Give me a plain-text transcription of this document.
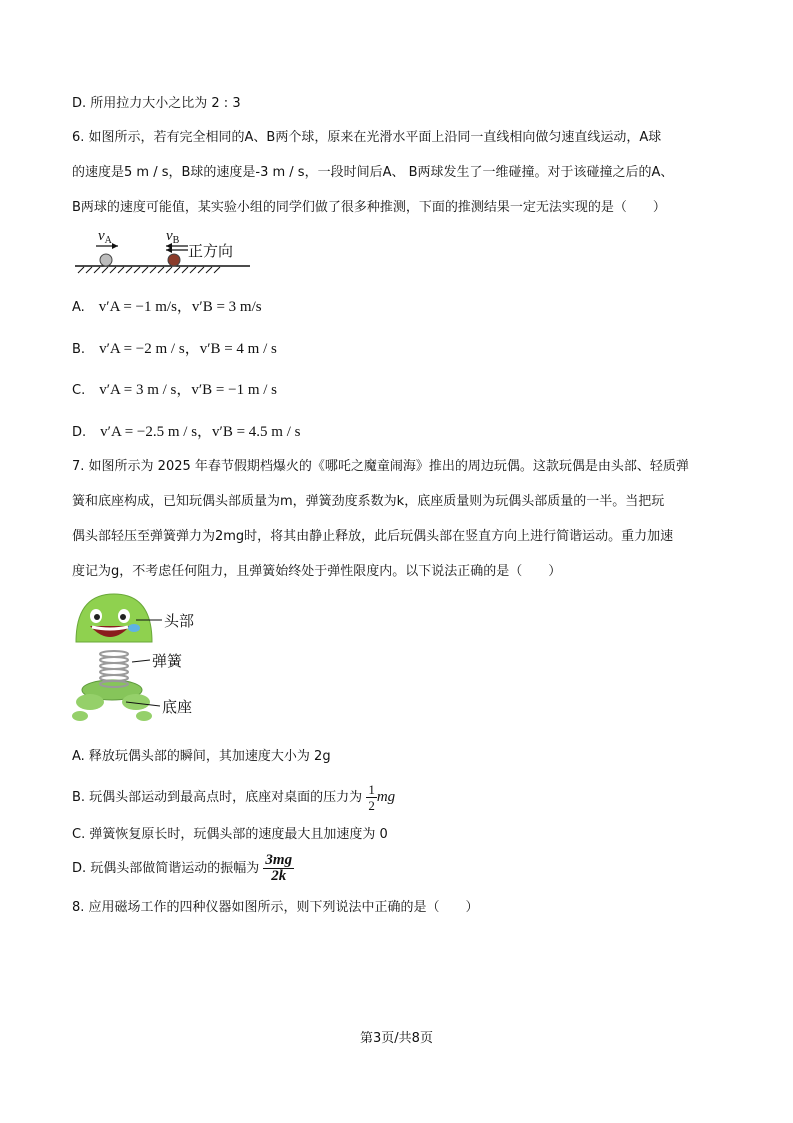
D. 所用拉力大小之比为 2 : 3
6. 如图所示，若有完全相同的A、B两个球，原来在光滑水平面上沿同一直线相向做匀速直线运动，A球
的速度是5 m / s，B球的速度是-3 m / s，一段时间后A、 B两球发生了一维碰撞。对于该碰撞之后的A、
B两球的速度可能值，某实验小组的同学们做了很多种推测，下面的推测结果一定无法实现的是（　　）
$v_A$	$v_B$
正方向
A. v′A = −1 m/s，v′B = 3 m/s
B. v′A = −2 m / s，v′B = 4 m / s
C. v′A = 3 m / s，v′B = −1 m / s
D. v′A = −2.5 m / s，v′B = 4.5 m / s
7. 如图所示为 2025 年春节假期档爆火的《哪吒之魔童闹海》推出的周边玩偶。这款玩偶是由头部、轻质弹
簧和底座构成，已知玩偶头部质量为m，弹簧劲度系数为k，底座质量则为玩偶头部质量的一半。当把玩
偶头部轻压至弹簧弹力为2mg时，将其由静止释放，此后玩偶头部在竖直方向上进行简谐运动。重力加速
度记为g，不考虑任何阻力，且弹簧始终处于弹性限度内。以下说法正确的是（　　）
头部
弹簧
底座
A. 释放玩偶头部的瞬间，其加速度大小为 2g
B. 玩偶头部运动到最高点时，底座对桌面的压力为 $\frac{1}{2}$ mg
C. 弹簧恢复原长时，玩偶头部的速度最大且加速度为 0
D. 玩偶头部做简谐运动的振幅为 $\frac{3mg}{2k}$
8. 应用磁场工作的四种仪器如图所示，则下列说法中正确的是（　　）
第3页/共8页
